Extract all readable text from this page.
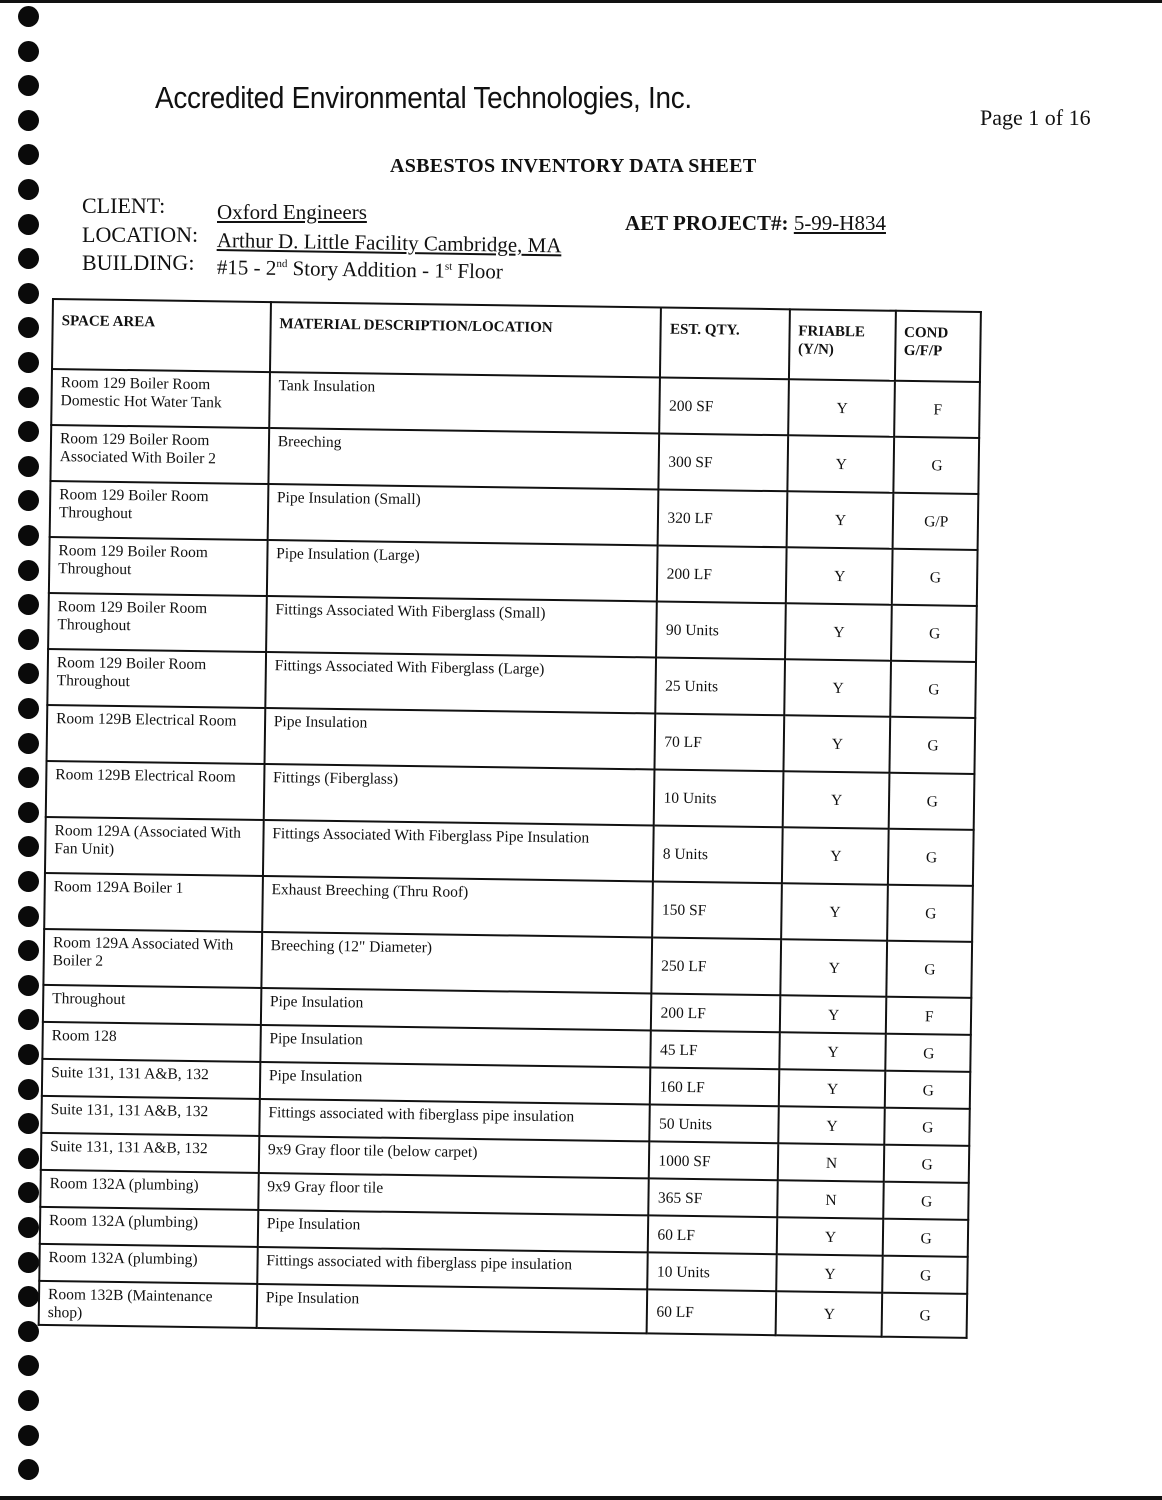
Accredited Environmental Technologies, Inc.
Page 1 of 16
ASBESTOS INVENTORY DATA SHEET
CLIENT: Oxford Engineers
LOCATION: Arthur D. Little Facility Cambridge, MA
BUILDING: #15 - 2nd Story Addition - 1st Floor
AET PROJECT#: 5-99-H834
SPACE AREA	MATERIAL DESCRIPTION/LOCATION	EST. QTY.	FRIABLE (Y/N)	COND G/F/P
Room 129 Boiler Room Domestic Hot Water Tank	Tank Insulation	200 SF	Y	F
Room 129 Boiler Room Associated With Boiler 2	Breeching	300 SF	Y	G
Room 129 Boiler Room Throughout	Pipe Insulation (Small)	320 LF	Y	G/P
Room 129 Boiler Room Throughout	Pipe Insulation (Large)	200 LF	Y	G
Room 129 Boiler Room Throughout	Fittings Associated With Fiberglass (Small)	90 Units	Y	G
Room 129 Boiler Room Throughout	Fittings Associated With Fiberglass (Large)	25 Units	Y	G
Room 129B Electrical Room	Pipe Insulation	70 LF	Y	G
Room 129B Electrical Room	Fittings (Fiberglass)	10 Units	Y	G
Room 129A (Associated With Fan Unit)	Fittings Associated With Fiberglass Pipe Insulation	8 Units	Y	G
Room 129A Boiler 1	Exhaust Breeching (Thru Roof)	150 SF	Y	G
Room 129A Associated With Boiler 2	Breeching (12" Diameter)	250 LF	Y	G
Throughout	Pipe Insulation	200 LF	Y	F
Room 128	Pipe Insulation	45 LF	Y	G
Suite 131, 131 A&B, 132	Pipe Insulation	160 LF	Y	G
Suite 131, 131 A&B, 132	Fittings associated with fiberglass pipe insulation	50 Units	Y	G
Suite 131, 131 A&B, 132	9x9 Gray floor tile (below carpet)	1000 SF	N	G
Room 132A (plumbing)	9x9 Gray floor tile	365 SF	N	G
Room 132A (plumbing)	Pipe Insulation	60 LF	Y	G
Room 132A (plumbing)	Fittings associated with fiberglass pipe insulation	10 Units	Y	G
Room 132B (Maintenance shop)	Pipe Insulation	60 LF	Y	G
